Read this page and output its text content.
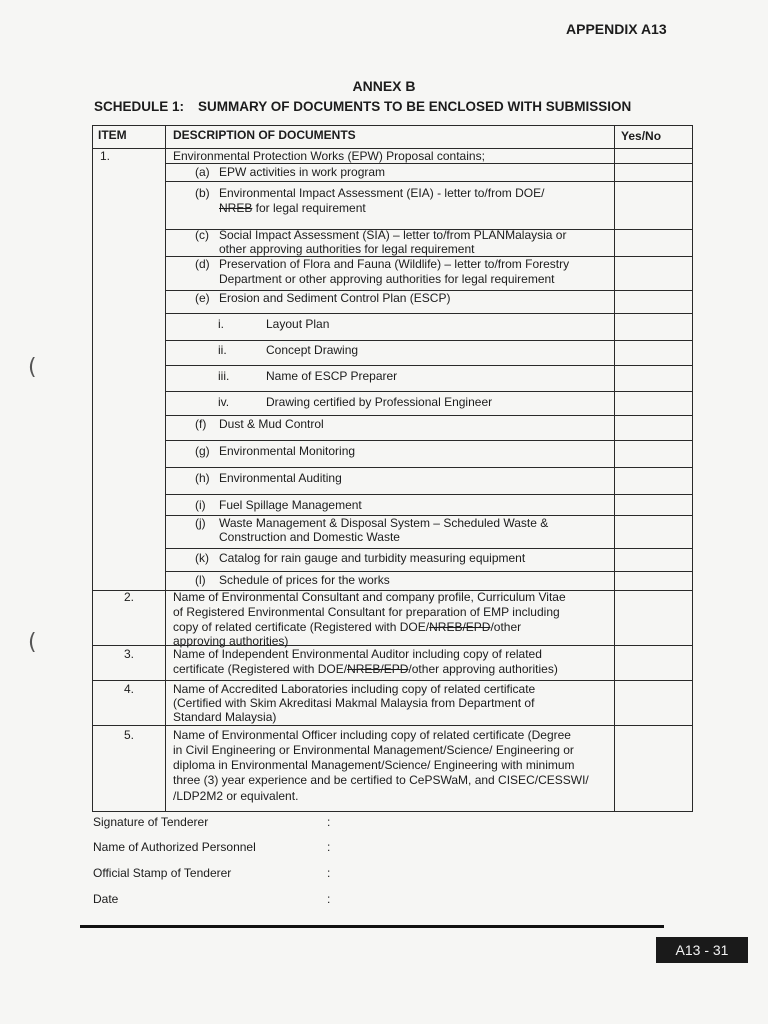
APPENDIX A13
ANNEX B
SCHEDULE 1: SUMMARY OF DOCUMENTS TO BE ENCLOSED WITH SUBMISSION
(
(
ITEM	DESCRIPTION OF DOCUMENTS	Yes/No
1.	Environmental Protection Works (EPW) Proposal contains;
(a) EPW activities in work program
(b) Environmental Impact Assessment (EIA) - letter to/from DOE/
NREB for legal requirement
(c) Social Impact Assessment (SIA) – letter to/from PLANMalaysia or
other approving authorities for legal requirement
(d) Preservation of Flora and Fauna (Wildlife) – letter to/from Forestry
Department or other approving authorities for legal requirement
(e) Erosion and Sediment Control Plan (ESCP)
i.	Layout Plan
ii.	Concept Drawing
iii.	Name of ESCP Preparer
iv.	Drawing certified by Professional Engineer
(f) Dust & Mud Control
(g) Environmental Monitoring
(h) Environmental Auditing
(i) Fuel Spillage Management
(j) Waste Management & Disposal System – Scheduled Waste &
Construction and Domestic Waste
(k) Catalog for rain gauge and turbidity measuring equipment
(l) Schedule of prices for the works
2.	Name of Environmental Consultant and company profile, Curriculum Vitae
of Registered Environmental Consultant for preparation of EMP including
copy of related certificate (Registered with DOE/NREB/EPD/other
approving authorities)
3.	Name of Independent Environmental Auditor including copy of related
certificate (Registered with DOE/NREB/EPD/other approving authorities)
4.	Name of Accredited Laboratories including copy of related certificate
(Certified with Skim Akreditasi Makmal Malaysia from Department of
Standard Malaysia)
5.	Name of Environmental Officer including copy of related certificate (Degree
in Civil Engineering or Environmental Management/Science/ Engineering or
diploma in Environmental Management/Science/ Engineering with minimum
three (3) year experience and be certified to CePSWaM, and CISEC/CESSWI/
/LDP2M2 or equivalent.
Signature of Tenderer	:
Name of Authorized Personnel	:
Official Stamp of Tenderer	:
Date	:
A13 - 31
